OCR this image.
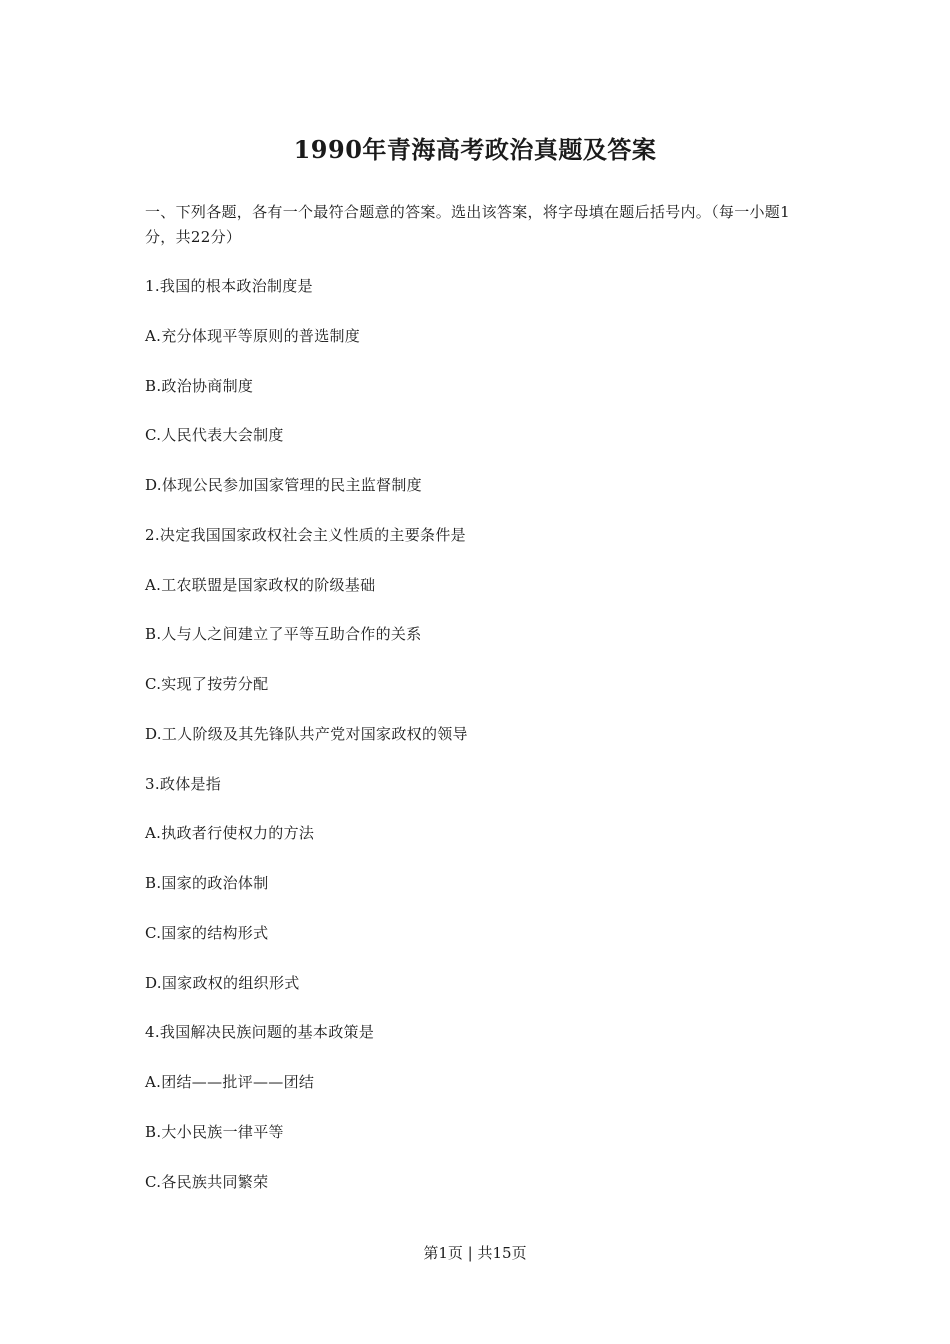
1990年青海高考政治真题及答案
一、下列各题，各有一个最符合题意的答案。选出该答案，将字母填在题后括号内。（每一小题1分，共22分）
1.我国的根本政治制度是
A.充分体现平等原则的普选制度
B.政治协商制度
C.人民代表大会制度
D.体现公民参加国家管理的民主监督制度
2.决定我国国家政权社会主义性质的主要条件是
A.工农联盟是国家政权的阶级基础
B.人与人之间建立了平等互助合作的关系
C.实现了按劳分配
D.工人阶级及其先锋队共产党对国家政权的领导
3.政体是指
A.执政者行使权力的方法
B.国家的政治体制
C.国家的结构形式
D.国家政权的组织形式
4.我国解决民族问题的基本政策是
A.团结——批评——团结
B.大小民族一律平等
C.各民族共同繁荣
第1页 | 共15页
